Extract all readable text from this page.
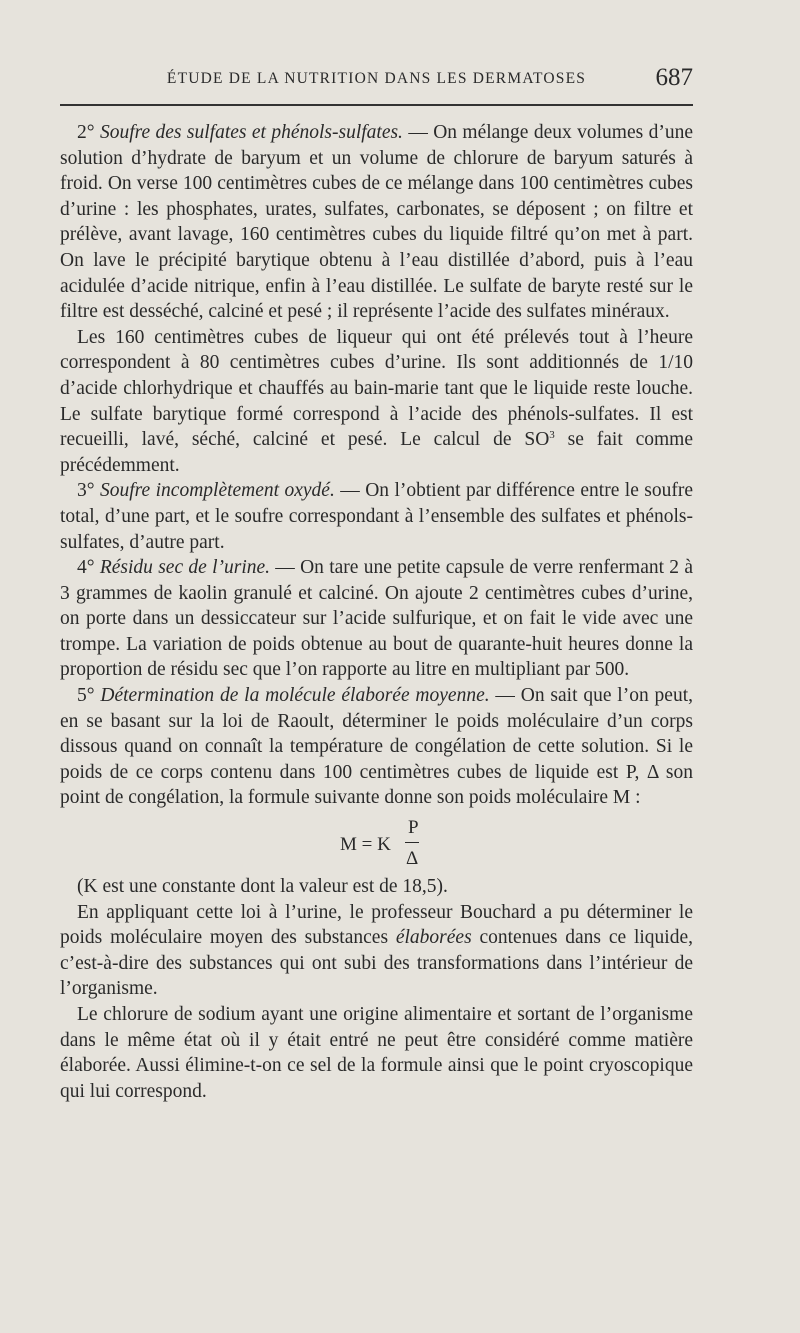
ÉTUDE DE LA NUTRITION DANS LES DERMATOSES	687

2° Soufre des sulfates et phénols-sulfates. — On mélange deux volumes d’une solution d’hydrate de baryum et un volume de chlorure de baryum saturés à froid. On verse 100 centimètres cubes de ce mélange dans 100 centimètres cubes d’urine : les phosphates, urates, sulfates, carbonates, se déposent ; on filtre et prélève, avant lavage, 160 centimètres cubes du liquide filtré qu’on met à part. On lave le précipité barytique obtenu à l’eau distillée d’abord, puis à l’eau acidulée d’acide nitrique, enfin à l’eau distillée. Le sulfate de baryte resté sur le filtre est desséché, calciné et pesé ; il représente l’acide des sulfates minéraux.

Les 160 centimètres cubes de liqueur qui ont été prélevés tout à l’heure correspondent à 80 centimètres cubes d’urine. Ils sont additionnés de 1/10 d’acide chlorhydrique et chauffés au bain-marie tant que le liquide reste louche. Le sulfate barytique formé correspond à l’acide des phénols-sulfates. Il est recueilli, lavé, séché, calciné et pesé. Le calcul de $SO^3$ se fait comme précédemment.

3° Soufre incomplètement oxydé. — On l’obtient par différence entre le soufre total, d’une part, et le soufre correspondant à l’ensemble des sulfates et phénols-sulfates, d’autre part.

4° Résidu sec de l’urine. — On tare une petite capsule de verre renfermant 2 à 3 grammes de kaolin granulé et calciné. On ajoute 2 centimètres cubes d’urine, on porte dans un dessiccateur sur l’acide sulfurique, et on fait le vide avec une trompe. La variation de poids obtenue au bout de quarante-huit heures donne la proportion de résidu sec que l’on rapporte au litre en multipliant par 500.

5° Détermination de la molécule élaborée moyenne. — On sait que l’on peut, en se basant sur la loi de Raoult, déterminer le poids moléculaire d’un corps dissous quand on connaît la température de congélation de cette solution. Si le poids de ce corps contenu dans 100 centimètres cubes de liquide est P, Δ son point de congélation, la formule suivante donne son poids moléculaire M :

M = K
P
Δ

(K est une constante dont la valeur est de 18,5).

En appliquant cette loi à l’urine, le professeur Bouchard a pu déterminer le poids moléculaire moyen des substances élaborées contenues dans ce liquide, c’est-à-dire des substances qui ont subi des transformations dans l’intérieur de l’organisme.

Le chlorure de sodium ayant une origine alimentaire et sortant de l’organisme dans le même état où il y était entré ne peut être considéré comme matière élaborée. Aussi élimine-t-on ce sel de la formule ainsi que le point cryoscopique qui lui correspond.
